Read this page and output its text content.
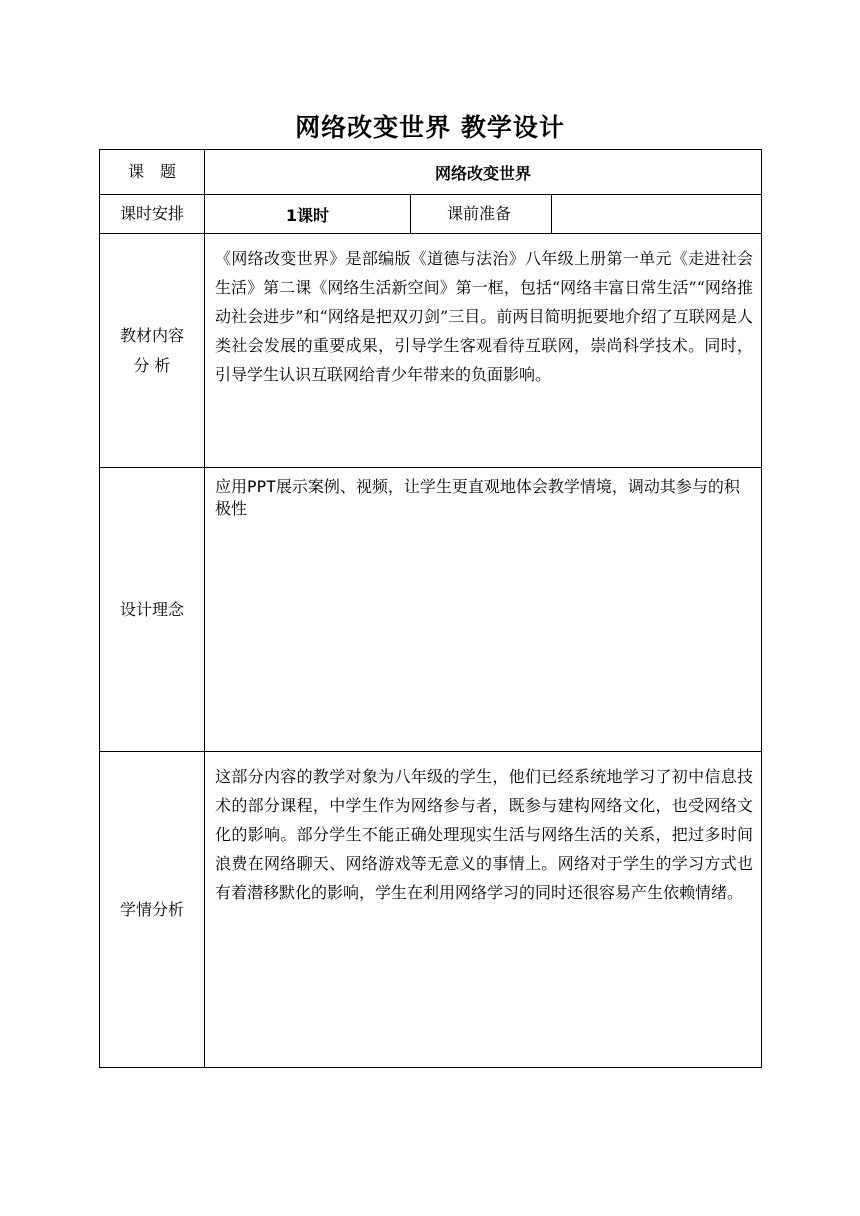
网络改变世界 教学设计
课　题	网络改变世界		
课时安排	1课时	课前准备	

教材内容
分 析	《网络改变世界》是部编版《道德与法治》八年级上册第一单元《走进社会生活》第二课《网络生活新空间》第一框，包括“网络丰富日常生活”“网络推动社会进步”和“网络是把双刃剑”三目。前两目简明扼要地介绍了互联网是人类社会发展的重要成果，引导学生客观看待互联网，崇尚科学技术。同时，引导学生认识互联网给青少年带来的负面影响。		
设计理念	应用PPT展示案例、视频，让学生更直观地体会教学情境，调动其参与的积极性		
学情分析	这部分内容的教学对象为八年级的学生，他们已经系统地学习了初中信息技术的部分课程，中学生作为网络参与者，既参与建构网络文化，也受网络文化的影响。部分学生不能正确处理现实生活与网络生活的关系，把过多时间浪费在网络聊天、网络游戏等无意义的事情上。网络对于学生的学习方式也有着潜移默化的影响，学生在利用网络学习的同时还很容易产生依赖情绪。		
